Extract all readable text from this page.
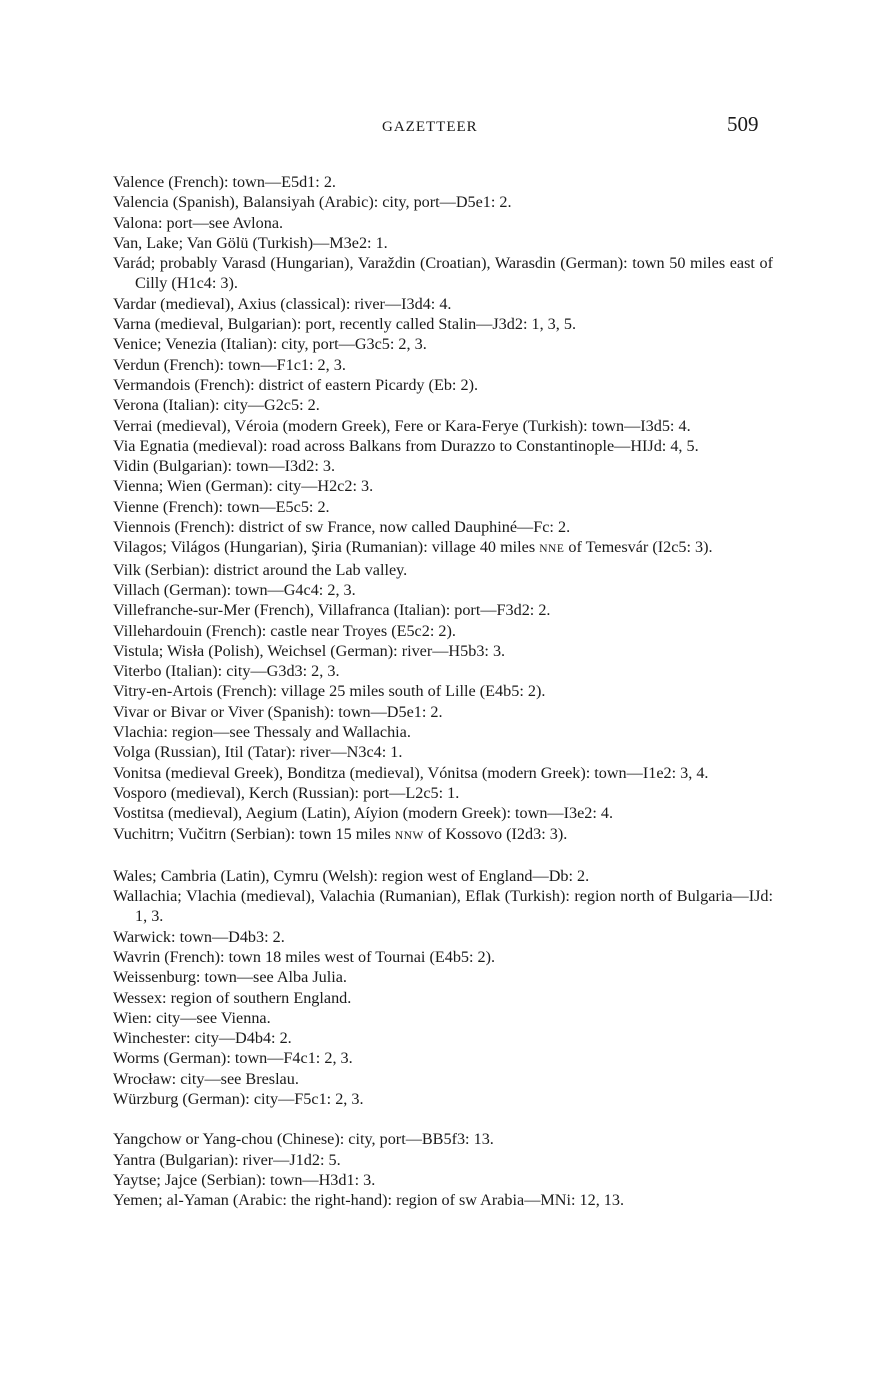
GAZETTEER	509

Valence (French): town—E5d1: 2.

Valencia (Spanish), Balansiyah (Arabic): city, port—D5e1: 2.

Valona: port—see Avlona.

Van, Lake; Van Gölü (Turkish)—M3e2: 1.

Varád; probably Varasd (Hungarian), Varaždin (Croatian), Warasdin (German): town 50 miles east of Cilly (H1c4: 3).

Vardar (medieval), Axius (classical): river—I3d4: 4.

Varna (medieval, Bulgarian): port, recently called Stalin—J3d2: 1, 3, 5.

Venice; Venezia (Italian): city, port—G3c5: 2, 3.

Verdun (French): town—F1c1: 2, 3.

Vermandois (French): district of eastern Picardy (Eb: 2).

Verona (Italian): city—G2c5: 2.

Verrai (medieval), Véroia (modern Greek), Fere or Kara-Ferye (Turkish): town—I3d5: 4.

Via Egnatia (medieval): road across Balkans from Durazzo to Constantinople—HIJd: 4, 5.

Vidin (Bulgarian): town—I3d2: 3.

Vienna; Wien (German): city—H2c2: 3.

Vienne (French): town—E5c5: 2.

Viennois (French): district of sw France, now called Dauphiné—Fc: 2.

Vilagos; Világos (Hungarian), Şiria (Rumanian): village 40 miles NNE of Temesvár (I2c5: 3).

Vilk (Serbian): district around the Lab valley.

Villach (German): town—G4c4: 2, 3.

Villefranche-sur-Mer (French), Villafranca (Italian): port—F3d2: 2.

Villehardouin (French): castle near Troyes (E5c2: 2).

Vistula; Wisła (Polish), Weichsel (German): river—H5b3: 3.

Viterbo (Italian): city—G3d3: 2, 3.

Vitry-en-Artois (French): village 25 miles south of Lille (E4b5: 2).

Vivar or Bivar or Viver (Spanish): town—D5e1: 2.

Vlachia: region—see Thessaly and Wallachia.

Volga (Russian), Itil (Tatar): river—N3c4: 1.

Vonitsa (medieval Greek), Bonditza (medieval), Vónitsa (modern Greek): town—I1e2: 3, 4.

Vosporo (medieval), Kerch (Russian): port—L2c5: 1.

Vostitsa (medieval), Aegium (Latin), Aíyion (modern Greek): town—I3e2: 4.

Vuchitrn; Vučitrn (Serbian): town 15 miles NNW of Kossovo (I2d3: 3).

Wales; Cambria (Latin), Cymru (Welsh): region west of England—Db: 2.

Wallachia; Vlachia (medieval), Valachia (Rumanian), Eflak (Turkish): region north of Bulgaria—IJd: 1, 3.

Warwick: town—D4b3: 2.

Wavrin (French): town 18 miles west of Tournai (E4b5: 2).

Weissenburg: town—see Alba Julia.

Wessex: region of southern England.

Wien: city—see Vienna.

Winchester: city—D4b4: 2.

Worms (German): town—F4c1: 2, 3.

Wrocław: city—see Breslau.

Würzburg (German): city—F5c1: 2, 3.

Yangchow or Yang-chou (Chinese): city, port—BB5f3: 13.

Yantra (Bulgarian): river—J1d2: 5.

Yaytse; Jajce (Serbian): town—H3d1: 3.

Yemen; al-Yaman (Arabic: the right-hand): region of sw Arabia—MNi: 12, 13.
